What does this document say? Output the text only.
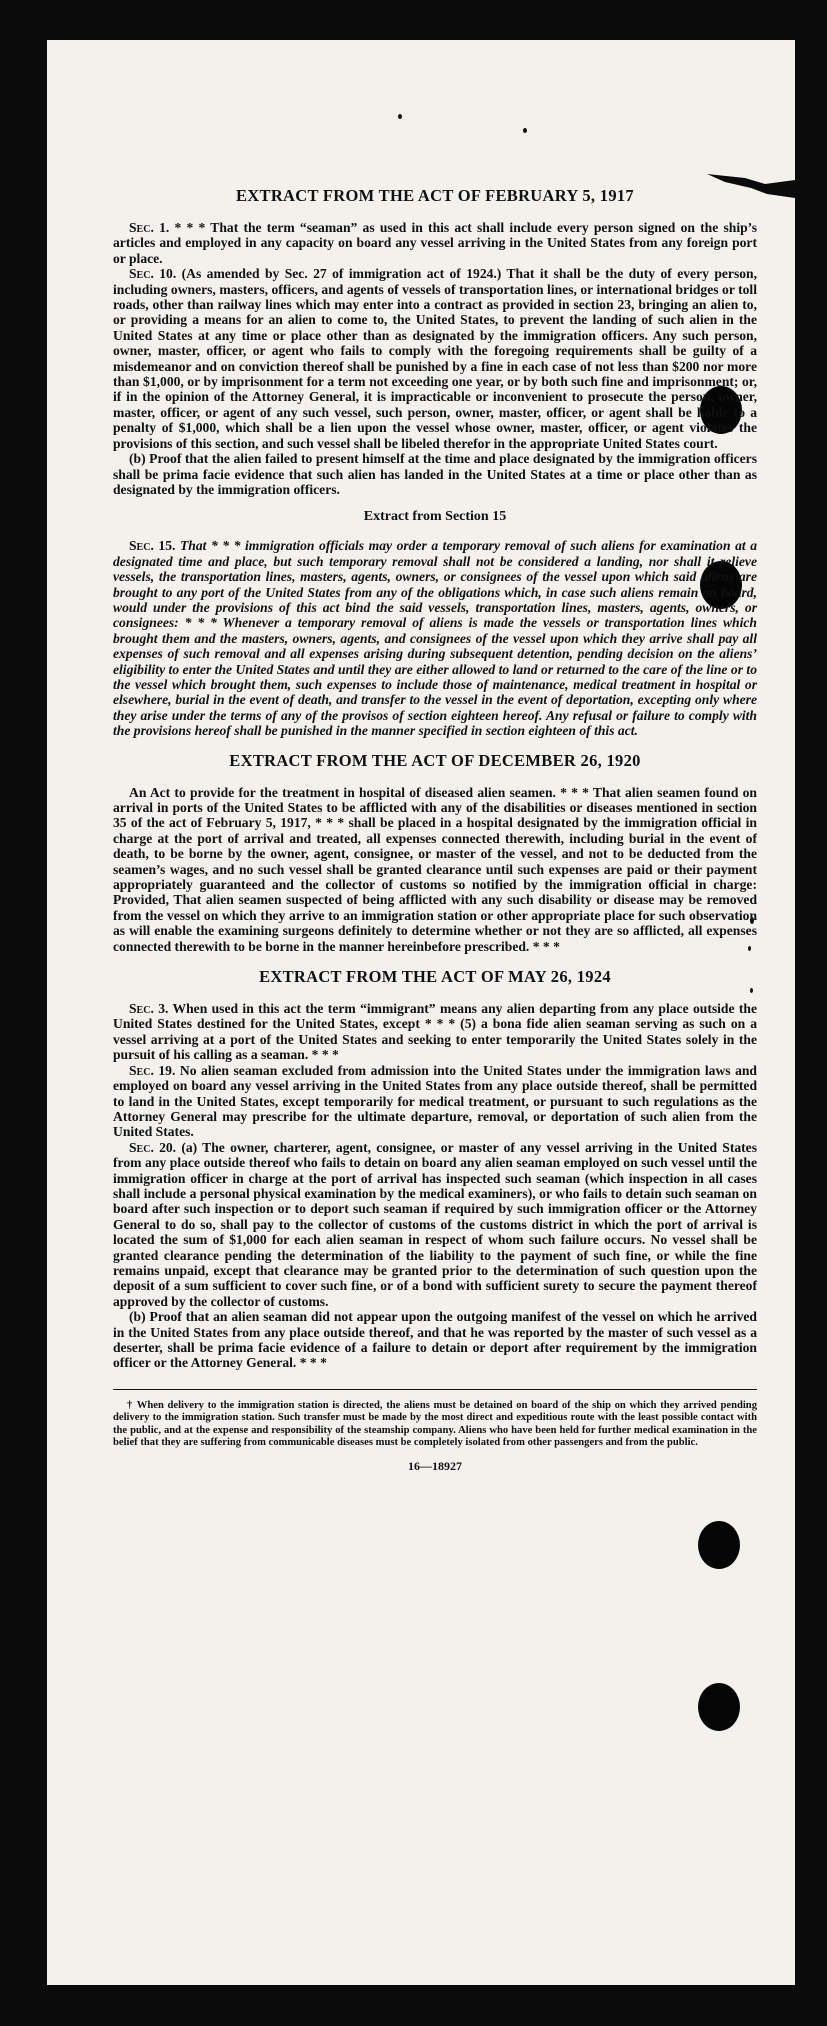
EXTRACT FROM THE ACT OF FEBRUARY 5, 1917

Sec. 1. * * * That the term “seaman” as used in this act shall include every person signed on the ship’s articles and employed in any capacity on board any vessel arriving in the United States from any foreign port or place.

Sec. 10. (As amended by Sec. 27 of immigration act of 1924.) That it shall be the duty of every person, including owners, masters, officers, and agents of vessels of transportation lines, or international bridges or toll roads, other than railway lines which may enter into a contract as provided in section 23, bringing an alien to, or providing a means for an alien to come to, the United States, to prevent the landing of such alien in the United States at any time or place other than as designated by the immigration officers. Any such person, owner, master, officer, or agent who fails to comply with the foregoing requirements shall be guilty of a misdemeanor and on conviction thereof shall be punished by a fine in each case of not less than $200 nor more than $1,000, or by imprisonment for a term not exceeding one year, or by both such fine and imprisonment; or, if in the opinion of the Attorney General, it is impracticable or inconvenient to prosecute the person, owner, master, officer, or agent of any such vessel, such person, owner, master, officer, or agent shall be liable to a penalty of $1,000, which shall be a lien upon the vessel whose owner, master, officer, or agent violates the provisions of this section, and such vessel shall be libeled therefor in the appropriate United States court.

(b) Proof that the alien failed to present himself at the time and place designated by the immigration officers shall be prima facie evidence that such alien has landed in the United States at a time or place other than as designated by the immigration officers.

Extract from Section 15

Sec. 15. That * * * immigration officials may order a temporary removal of such aliens for examination at a designated time and place, but such temporary removal shall not be considered a landing, nor shall it relieve vessels, the transportation lines, masters, agents, owners, or consignees of the vessel upon which said aliens are brought to any port of the United States from any of the obligations which, in case such aliens remain on board, would under the provisions of this act bind the said vessels, transportation lines, masters, agents, owners, or consignees: * * * Whenever a temporary removal of aliens is made the vessels or transportation lines which brought them and the masters, owners, agents, and consignees of the vessel upon which they arrive shall pay all expenses of such removal and all expenses arising during subsequent detention, pending decision on the aliens’ eligibility to enter the United States and until they are either allowed to land or returned to the care of the line or to the vessel which brought them, such expenses to include those of maintenance, medical treatment in hospital or elsewhere, burial in the event of death, and transfer to the vessel in the event of deportation, excepting only where they arise under the terms of any of the provisos of section eighteen hereof. Any refusal or failure to comply with the provisions hereof shall be punished in the manner specified in section eighteen of this act.

EXTRACT FROM THE ACT OF DECEMBER 26, 1920

An Act to provide for the treatment in hospital of diseased alien seamen. * * * That alien seamen found on arrival in ports of the United States to be afflicted with any of the disabilities or diseases mentioned in section 35 of the act of February 5, 1917, * * * shall be placed in a hospital designated by the immigration official in charge at the port of arrival and treated, all expenses connected therewith, including burial in the event of death, to be borne by the owner, agent, consignee, or master of the vessel, and not to be deducted from the seamen’s wages, and no such vessel shall be granted clearance until such expenses are paid or their payment appropriately guaranteed and the collector of customs so notified by the immigration official in charge: Provided, That alien seamen suspected of being afflicted with any such disability or disease may be removed from the vessel on which they arrive to an immigration station or other appropriate place for such observation as will enable the examining surgeons definitely to determine whether or not they are so afflicted, all expenses connected therewith to be borne in the manner hereinbefore prescribed. * * *

EXTRACT FROM THE ACT OF MAY 26, 1924

Sec. 3. When used in this act the term “immigrant” means any alien departing from any place outside the United States destined for the United States, except * * * (5) a bona fide alien seaman serving as such on a vessel arriving at a port of the United States and seeking to enter temporarily the United States solely in the pursuit of his calling as a seaman. * * *

Sec. 19. No alien seaman excluded from admission into the United States under the immigration laws and employed on board any vessel arriving in the United States from any place outside thereof, shall be permitted to land in the United States, except temporarily for medical treatment, or pursuant to such regulations as the Attorney General may prescribe for the ultimate departure, removal, or deportation of such alien from the United States.

Sec. 20. (a) The owner, charterer, agent, consignee, or master of any vessel arriving in the United States from any place outside thereof who fails to detain on board any alien seaman employed on such vessel until the immigration officer in charge at the port of arrival has inspected such seaman (which inspection in all cases shall include a personal physical examination by the medical examiners), or who fails to detain such seaman on board after such inspection or to deport such seaman if required by such immigration officer or the Attorney General to do so, shall pay to the collector of customs of the customs district in which the port of arrival is located the sum of $1,000 for each alien seaman in respect of whom such failure occurs. No vessel shall be granted clearance pending the determination of the liability to the payment of such fine, or while the fine remains unpaid, except that clearance may be granted prior to the determination of such question upon the deposit of a sum sufficient to cover such fine, or of a bond with sufficient surety to secure the payment thereof approved by the collector of customs.

(b) Proof that an alien seaman did not appear upon the outgoing manifest of the vessel on which he arrived in the United States from any place outside thereof, and that he was reported by the master of such vessel as a deserter, shall be prima facie evidence of a failure to detain or deport after requirement by the immigration officer or the Attorney General. * * *

† When delivery to the immigration station is directed, the aliens must be detained on board of the ship on which they arrived pending delivery to the immigration station. Such transfer must be made by the most direct and expeditious route with the least possible contact with the public, and at the expense and responsibility of the steamship company. Aliens who have been held for further medical examination in the belief that they are suffering from communicable diseases must be completely isolated from other passengers and from the public.

16—18927
